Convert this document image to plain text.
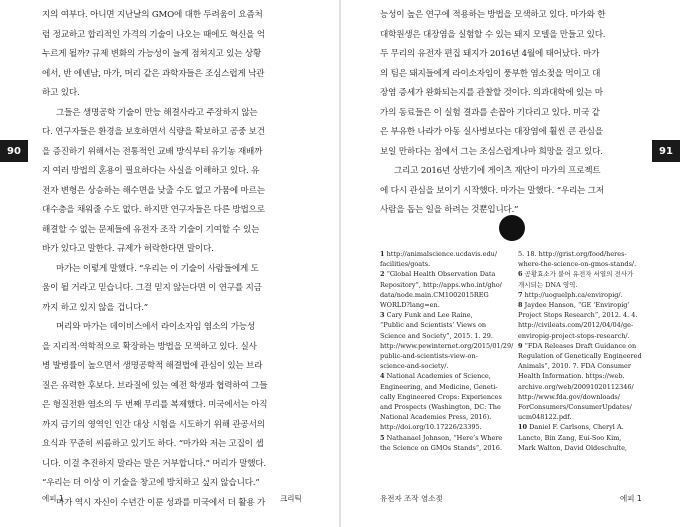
90

지의 여부다. 아니면 지난날의 GMO에 대한 두려움이 요즘처

럼 정교하고 합리적인 가격의 기술이 나오는 때에도 혁신을 억

누르게 될까? 규제 변화의 가능성이 늘게 점쳐지고 있는 상황

에서, 반 에넨남, 마가, 머리 같은 과학자들은 조심스럽게 낙관

하고 있다.

그들은 생명공학 기술이 만능 해결사라고 주장하지 않는

다. 연구자들은 환경을 보호하면서 식량을 확보하고 공중 보건

을 증진하기 위해서는 전통적인 교배 방식부터 유기농 재배까

지 여러 방법의 혼용이 필요하다는 사실을 이해하고 있다. 유

전자 변형은 상승하는 해수면을 낮출 수도 없고 가뭄에 마르는

대수층을 채워줄 수도 없다. 하지만 연구자들은 다른 방법으로

해결할 수 없는 문제들에 유전자 조작 기술이 기여할 수 있는

바가 있다고 말한다. 규제가 허락한다면 말이다.

마가는 이렇게 말했다. “우리는 이 기술이 사람들에게 도

움이 될 거라고 믿습니다. 그걸 믿지 않는다면 이 연구를 지금

까지 하고 있지 않을 겁니다.”

머리와 마가는 데이비스에서 라이소자임 염소의 가능성

을 지리적·역학적으로 확장하는 방법을 모색하고 있다. 실사

병 발병률이 높으면서 생명공학적 해결법에 관심이 있는 브라

질은 유력한 후보다. 브라질에 있는 예전 학생과 협력하여 그들

은 형질전환 염소의 두 번째 무리를 복제했다. 미국에서는 아직

까지 금기의 영역인 인간 대상 시험을 시도하기 위해 관공서의

요식과 꾸준히 씨름하고 있기도 하다. “마가와 저는 고집이 셉

니다. 이걸 추진하지 말라는 말은 거부합니다.” 머리가 말했다.

“우리는 더 이상 이 기술을 창고에 방치하고 싶지 않습니다.”

마가 역시 자신이 수년간 이룬 성과를 미국에서 더 활용 가

에피 1	크리틱
91

능성이 높은 연구에 적용하는 방법을 모색하고 있다. 마가와 한

대학원생은 대장염을 실험할 수 있는 돼지 모델을 만들고 있다.

두 무리의 유전자 편집 돼지가 2016년 4월에 태어났다. 마가

의 팀은 돼지들에게 라이소자임이 풍부한 염소젖을 먹이고 대

장염 증세가 완화되는지를 관찰할 것이다. 의과대학에 있는 마

가의 동료들은 이 실험 결과를 손꼽아 기다리고 있다. 미국 같

은 부유한 나라가 아동 실사병보다는 대장염에 훨씬 큰 관심을

보일 만하다는 점에서 그는 조심스럽게나마 희망을 걸고 있다.

그리고 2016년 상반기에 게이츠 재단이 마가의 프로젝트

에 다시 관심을 보이기 시작했다. 마가는 말했다. “우리는 그저

사람을 돕는 일을 하려는 것뿐입니다.”

1 http://animalscience.ucdavis.edu/
facilities/goats.
2 “Global Health Observation Data
Repository”, http://apps.who.int/gho/
data/node.main.CM1002015REG
WORLD?lang=en.
3 Cary Funk and Lee Raine,
“Public and Scientists’ Views on
Science and Society”, 2015. 1. 29.
http://www.pewinternet.org/2015/01/29/
public-and-scientists-view-on-
science-and-society/.
4 National Academies of Science,
Engineering, and Medicine, Geneti-
cally Engineered Crops: Experiences
and Prospects (Washington, DC: The
National Academies Press, 2016).
http://doi.org/10.17226/23395.
5 Nathanael Johnson, “Here’s Where
the Science on GMOs Stands”, 2016.
5. 18. http://grist.org/food/heres-
where-the-science-on-gmos-stands/.
6 공황효소가 붙어 유전자 서열의 전사가
개시되는 DNA 영역.
7 http://uoguelph.ca/enviropig/.
8 Jaydee Hanson, “GE ‘Enviropig’
Project Stops Research”, 2012. 4. 4.
http://civileats.com/2012/04/04/ge-
enviropig-project-stops-research/.
9 “FDA Releases Draft Guidance on
Regulation of Genetically Engineered
Animals”, 2010. 7. FDA Consumer
Health Information. https://web.
archive.org/web/20091020112346/
http://www.fda.gov/downloads/
ForConsumers/ConsumerUpdates/
ucm048122.pdf.
10 Daniel F. Carlsons, Cheryl A.
Lancto, Bin Zang, Eui-Soo Kim,
Mark Walton, David Oldeschulte,
유전자 조작 염소젖	에피 1
